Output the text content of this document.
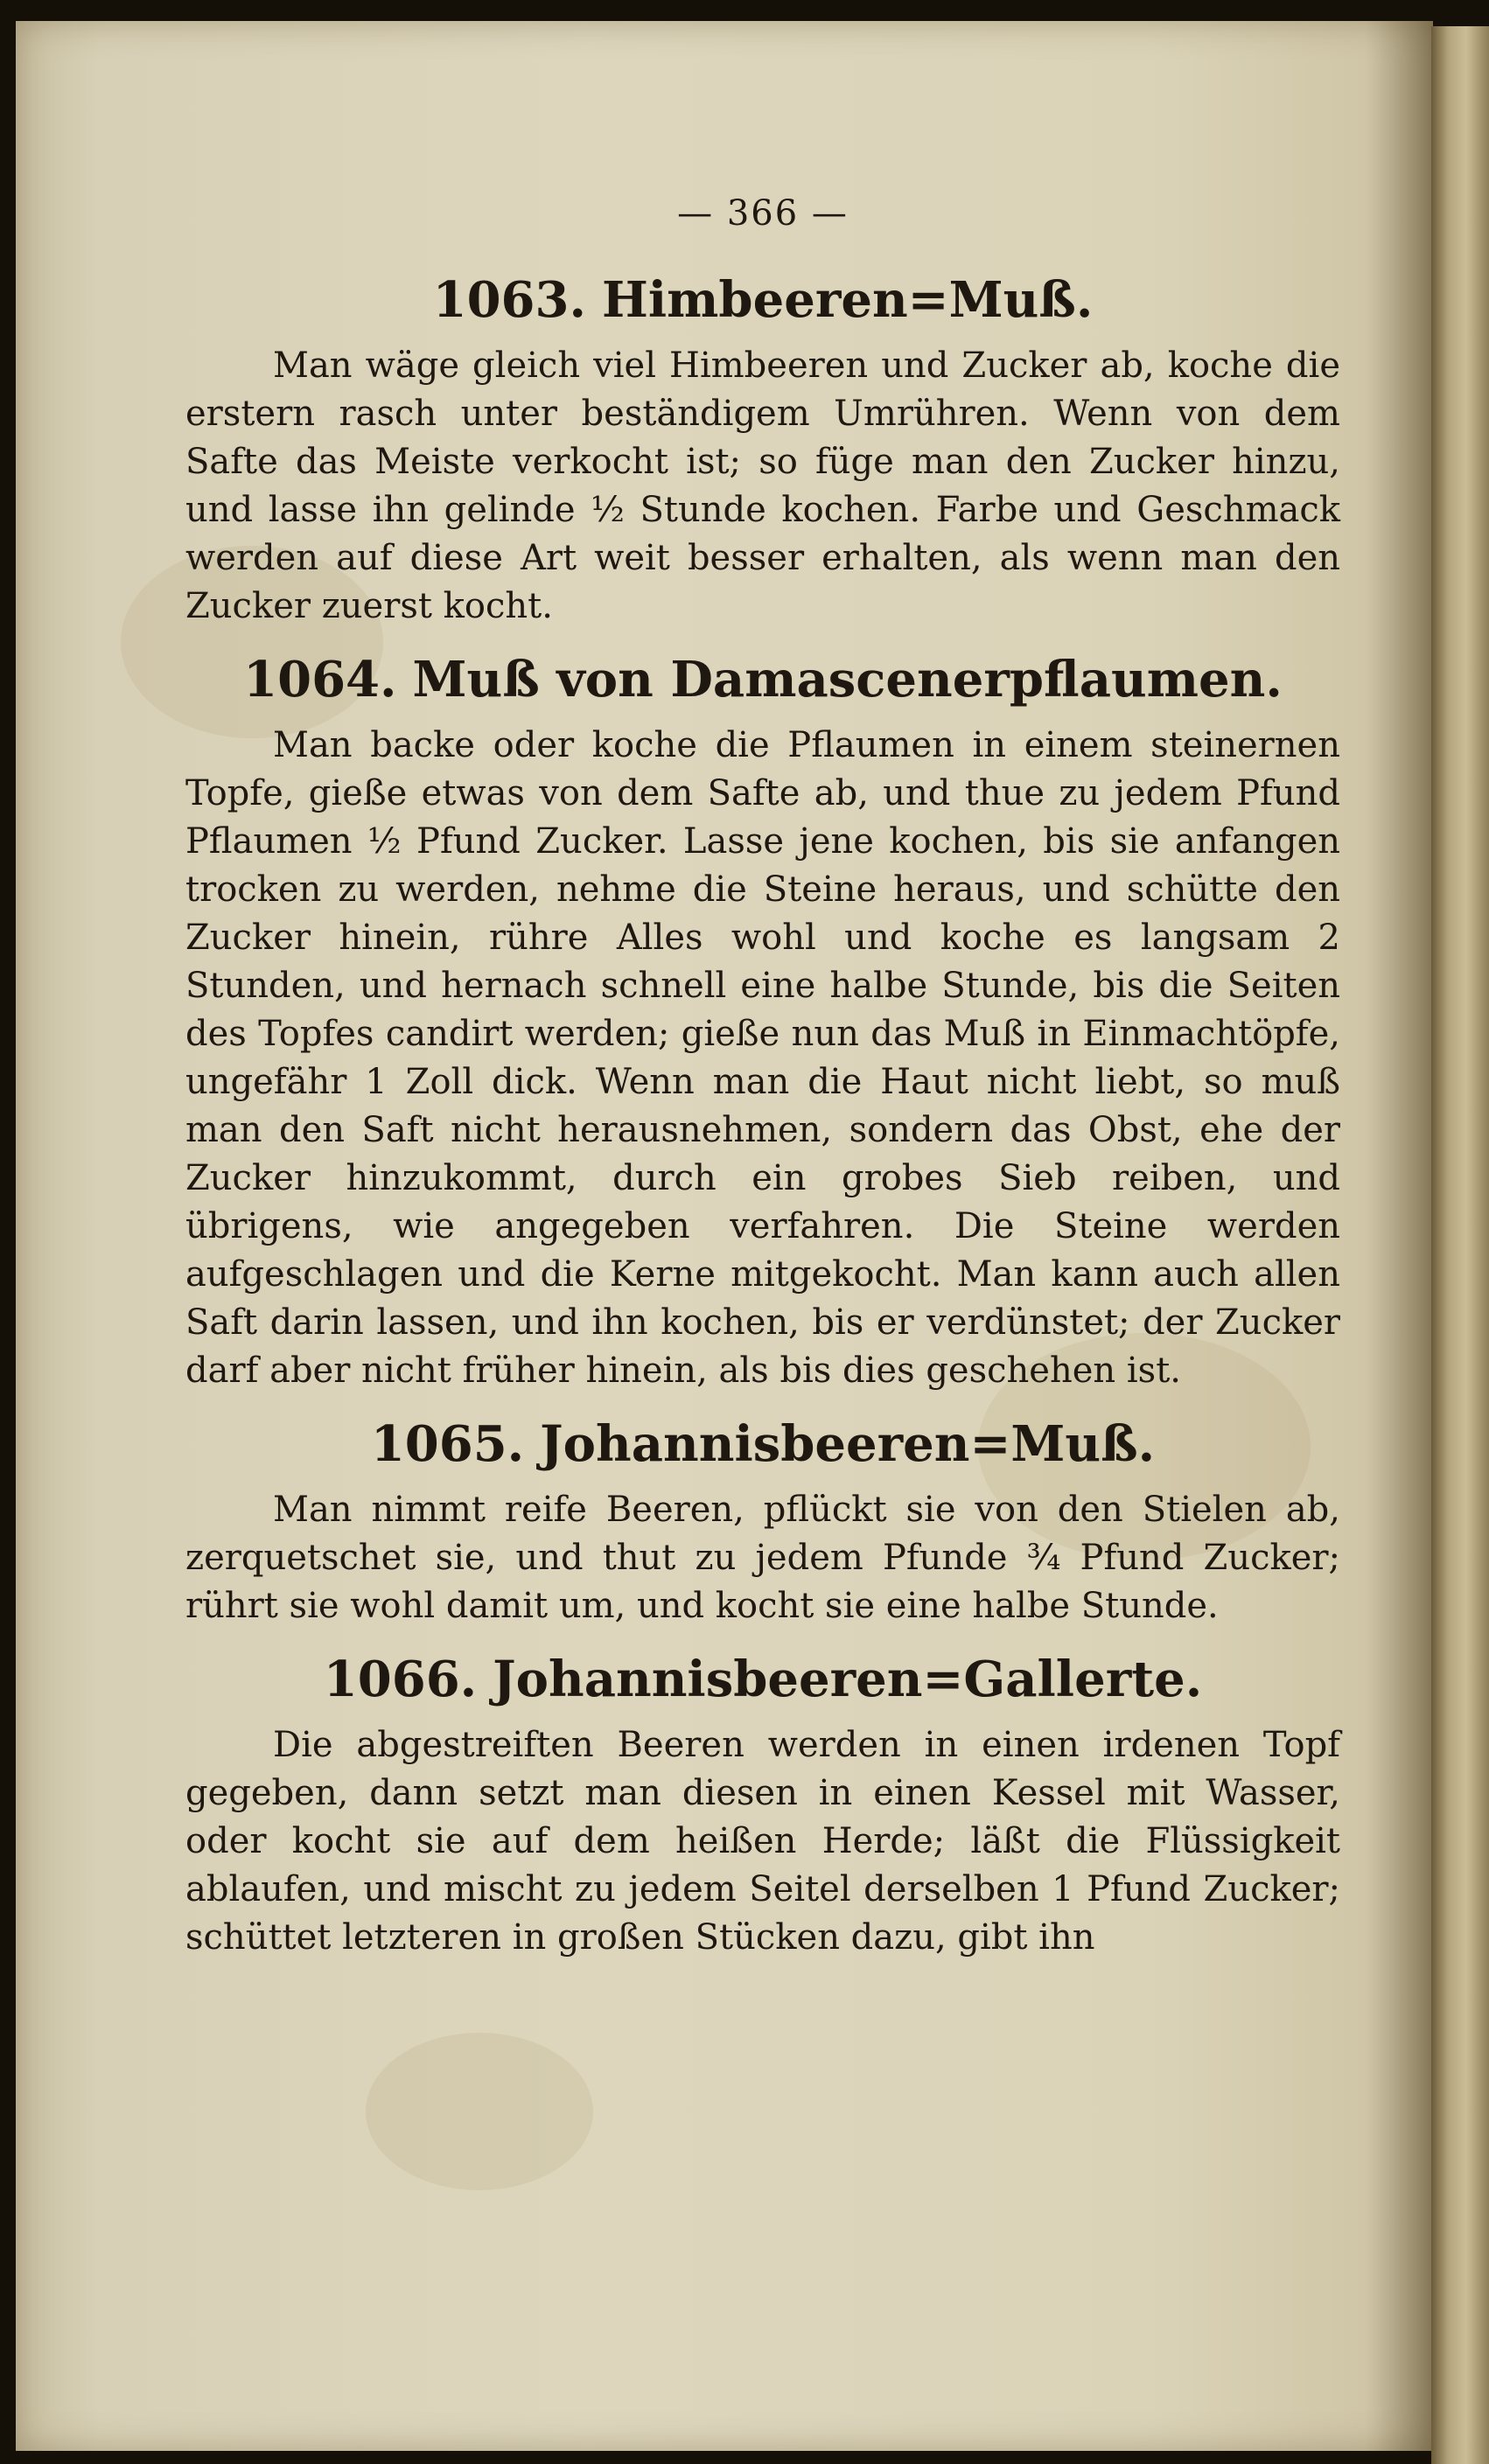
— 366 —
1063. Himbeeren=Muß.

Man wäge gleich viel Himbeeren und Zucker ab, koche die erstern rasch unter beständigem Umrühren. Wenn von dem Safte das Meiste verkocht ist; so füge man den Zucker hinzu, und lasse ihn gelinde ½ Stunde kochen. Farbe und Geschmack werden auf diese Art weit besser erhalten, als wenn man den Zucker zuerst kocht.

1064. Muß von Damascenerpflaumen.

Man backe oder koche die Pflaumen in einem steinernen Topfe, gieße etwas von dem Safte ab, und thue zu jedem Pfund Pflaumen ½ Pfund Zucker. Lasse jene kochen, bis sie anfangen trocken zu werden, nehme die Steine heraus, und schütte den Zucker hinein, rühre Alles wohl und koche es langsam 2 Stunden, und hernach schnell eine halbe Stunde, bis die Seiten des Topfes candirt werden; gieße nun das Muß in Einmachtöpfe, ungefähr 1 Zoll dick. Wenn man die Haut nicht liebt, so muß man den Saft nicht herausnehmen, sondern das Obst, ehe der Zucker hinzukommt, durch ein grobes Sieb reiben, und übrigens, wie angegeben verfahren. Die Steine werden aufgeschlagen und die Kerne mitgekocht. Man kann auch allen Saft darin lassen, und ihn kochen, bis er verdünstet; der Zucker darf aber nicht früher hinein, als bis dies geschehen ist.

1065. Johannisbeeren=Muß.

Man nimmt reife Beeren, pflückt sie von den Stielen ab, zerquetschet sie, und thut zu jedem Pfunde ¾ Pfund Zucker; rührt sie wohl damit um, und kocht sie eine halbe Stunde.

1066. Johannisbeeren=Gallerte.

Die abgestreiften Beeren werden in einen irdenen Topf gegeben, dann setzt man diesen in einen Kessel mit Wasser, oder kocht sie auf dem heißen Herde; läßt die Flüssigkeit ablaufen, und mischt zu jedem Seitel derselben 1 Pfund Zucker; schüttet letzteren in großen Stücken dazu, gibt ihn
